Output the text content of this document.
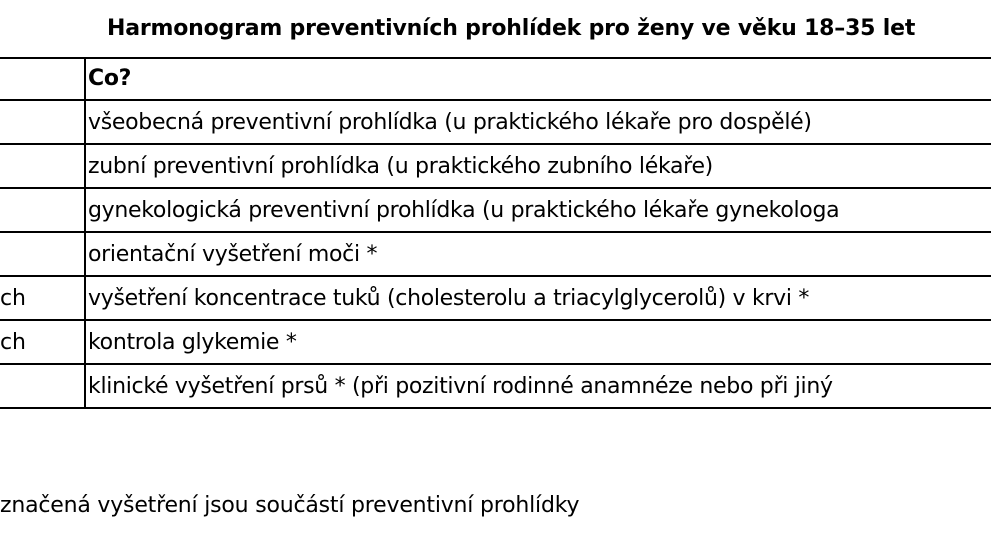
Harmonogram preventivních prohlídek pro ženy ve věku 18–35 let
Co?
všeobecná preventivní prohlídka (u praktického lékaře pro dospělé)
zubní preventivní prohlídka (u praktického zubního lékaře)
gynekologická preventivní prohlídka (u praktického lékaře gynekologa
orientační vyšetření moči *
ch	vyšetření koncentrace tuků (cholesterolu a triacylglycerolů) v krvi *
ch	kontrola glykemie *
klinické vyšetření prsů * (při pozitivní rodinné anamnéze nebo při jiný
značená vyšetření jsou součástí preventivní prohlídky
